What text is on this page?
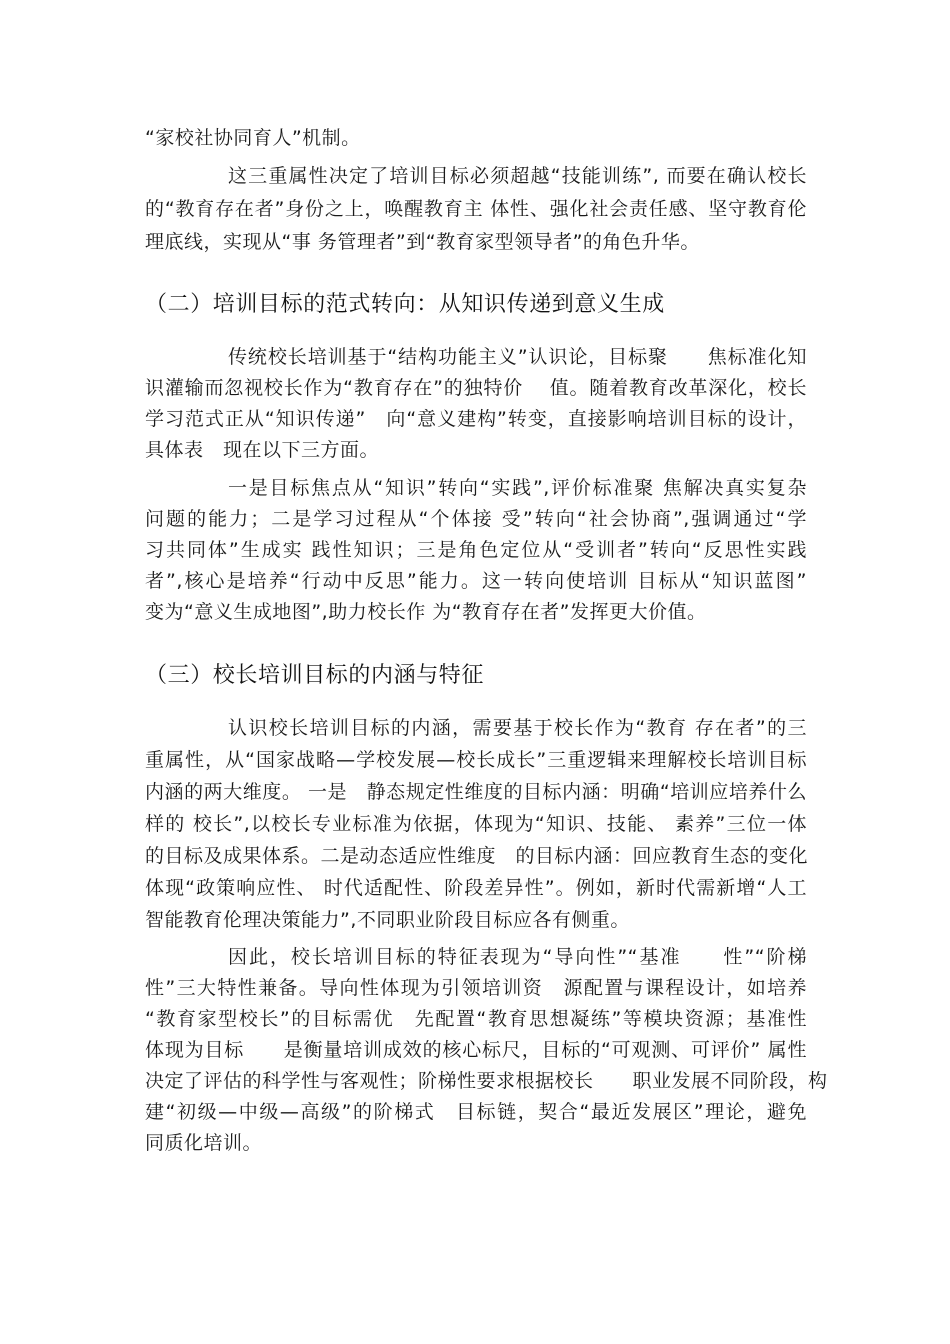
“家校社协同育人”机制。
这三重属性决定了培训目标必须超越“技能训练”, 而要在确认校长
的“教育存在者”身份之上，唤醒教育主 体性、强化社会责任感、坚守教育伦
理底线，实现从“事 务管理者”到“教育家型领导者”的角色升华。
（二）培训目标的范式转向：从知识传递到意义生成
传统校长培训基于“结构功能主义”认识论，目标聚　　焦标准化知
识灌输而忽视校长作为“教育存在”的独特价　 值。随着教育改革深化，校长
学习范式正从“知识传递”　向“意义建构”转变，直接影响培训目标的设计，
具体表　现在以下三方面。
一是目标焦点从“知识”转向“实践”,评价标准聚 焦解决真实复杂
问题的能力；二是学习过程从“个体接 受”转向“社会协商”,强调通过“学
习共同体”生成实 践性知识；三是角色定位从“受训者”转向“反思性实践
者”,核心是培养“行动中反思”能力。这一转向使培训 目标从“知识蓝图”
变为“意义生成地图”,助力校长作 为“教育存在者”发挥更大价值。
（三）校长培训目标的内涵与特征
认识校长培训目标的内涵，需要基于校长作为“教育 存在者”的三
重属性，从“国家战略—学校发展—校长成长”三重逻辑来理解校长培训目标
内涵的两大维度。 一是　静态规定性维度的目标内涵：明确“培训应培养什么
样的 校长”,以校长专业标准为依据，体现为“知识、技能、 素养”三位一体
的目标及成果体系。二是动态适应性维度　的目标内涵：回应教育生态的变化
体现“政策响应性、 时代适配性、阶段差异性”。例如，新时代需新增“人工
智能教育伦理决策能力”,不同职业阶段目标应各有侧重。
因此，校长培训目标的特征表现为“导向性”“基准　　性”“阶梯
性”三大特性兼备。导向性体现为引领培训资　源配置与课程设计，如培养
“教育家型校长”的目标需优　先配置“教育思想凝练”等模块资源；基准性
体现为目标　　是衡量培训成效的核心标尺，目标的“可观测、可评价” 属性
决定了评估的科学性与客观性；阶梯性要求根据校长　　职业发展不同阶段，构
建“初级—中级—高级”的阶梯式　目标链，契合“最近发展区”理论，避免
同质化培训。
